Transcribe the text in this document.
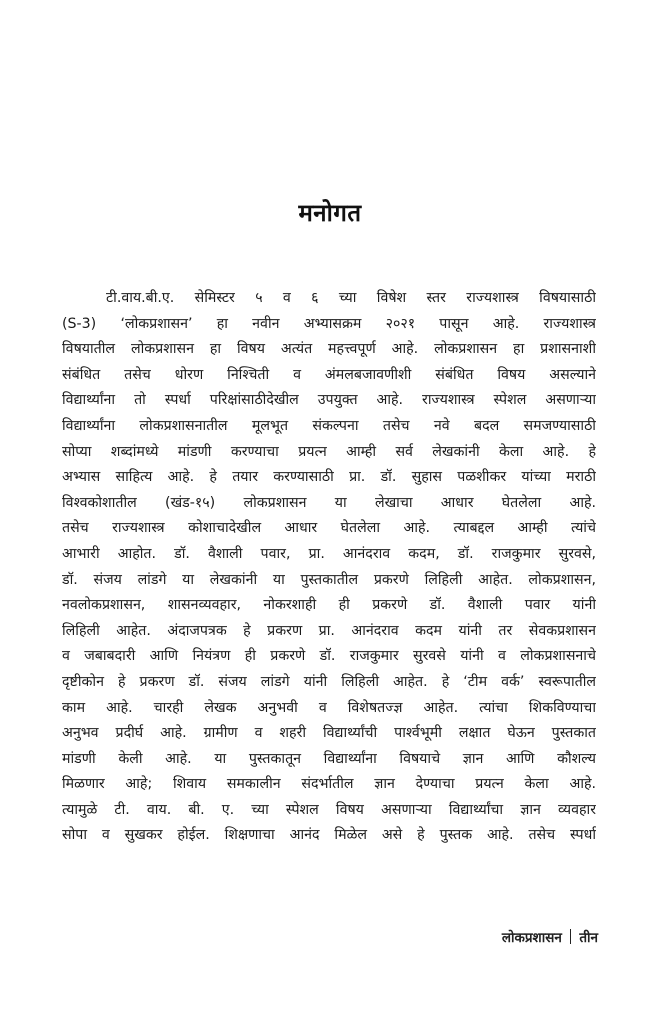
मनोगत
टी.वाय.बी.ए. सेमिस्टर ५ व ६ च्या विषेश स्तर राज्यशास्त्र विषयासाठी
(S-3) ‘लोकप्रशासन’ हा नवीन अभ्यासक्रम २०२१ पासून आहे. राज्यशास्त्र
विषयातील लोकप्रशासन हा विषय अत्यंत महत्त्वपूर्ण आहे. लोकप्रशासन हा प्रशासनाशी
संबंधित तसेच धोरण निश्चिती व अंमलबजावणीशी संबंधित विषय असल्याने
विद्यार्थ्यांना तो स्पर्धा परिक्षांसाठीदेखील उपयुक्त आहे. राज्यशास्त्र स्पेशल असणाऱ्या
विद्यार्थ्यांना लोकप्रशासनातील मूलभूत संकल्पना तसेच नवे बदल समजण्यासाठी
सोप्या शब्दांमध्ये मांडणी करण्याचा प्रयत्न आम्ही सर्व लेखकांनी केला आहे. हे
अभ्यास साहित्य आहे. हे तयार करण्यासाठी प्रा. डॉ. सुहास पळशीकर यांच्या मराठी
विश्वकोशातील (खंड-१५) लोकप्रशासन या लेखाचा आधार घेतलेला आहे.
तसेच राज्यशास्त्र कोशाचादेखील आधार घेतलेला आहे. त्याबद्दल आम्ही त्यांचे
आभारी आहोत. डॉ. वैशाली पवार, प्रा. आनंदराव कदम, डॉ. राजकुमार सुरवसे,
डॉ. संजय लांडगे या लेखकांनी या पुस्तकातील प्रकरणे लिहिली आहेत. लोकप्रशासन,
नवलोकप्रशासन, शासनव्यवहार, नोकरशाही ही प्रकरणे डॉ. वैशाली पवार यांनी
लिहिली आहेत. अंदाजपत्रक हे प्रकरण प्रा. आनंदराव कदम यांनी तर सेवकप्रशासन
व जबाबदारी आणि नियंत्रण ही प्रकरणे डॉ. राजकुमार सुरवसे यांनी व लोकप्रशासनाचे
दृष्टीकोन हे प्रकरण डॉ. संजय लांडगे यांनी लिहिली आहेत. हे ‘टीम वर्क’ स्वरूपातील
काम आहे. चारही लेखक अनुभवी व विशेषतज्ज्ञ आहेत. त्यांचा शिकविण्याचा
अनुभव प्रदीर्घ आहे. ग्रामीण व शहरी विद्यार्थ्यांची पार्श्वभूमी लक्षात घेऊन पुस्तकात
मांडणी केली आहे. या पुस्तकातून विद्यार्थ्यांना विषयाचे ज्ञान आणि कौशल्य
मिळणार आहे; शिवाय समकालीन संदर्भातील ज्ञान देण्याचा प्रयत्न केला आहे.
त्यामुळे टी. वाय. बी. ए. च्या स्पेशल विषय असणाऱ्या विद्यार्थ्यांचा ज्ञान व्यवहार
सोपा व सुखकर होईल. शिक्षणाचा आनंद मिळेल असे हे पुस्तक आहे. तसेच स्पर्धा
लोकप्रशासन तीन
